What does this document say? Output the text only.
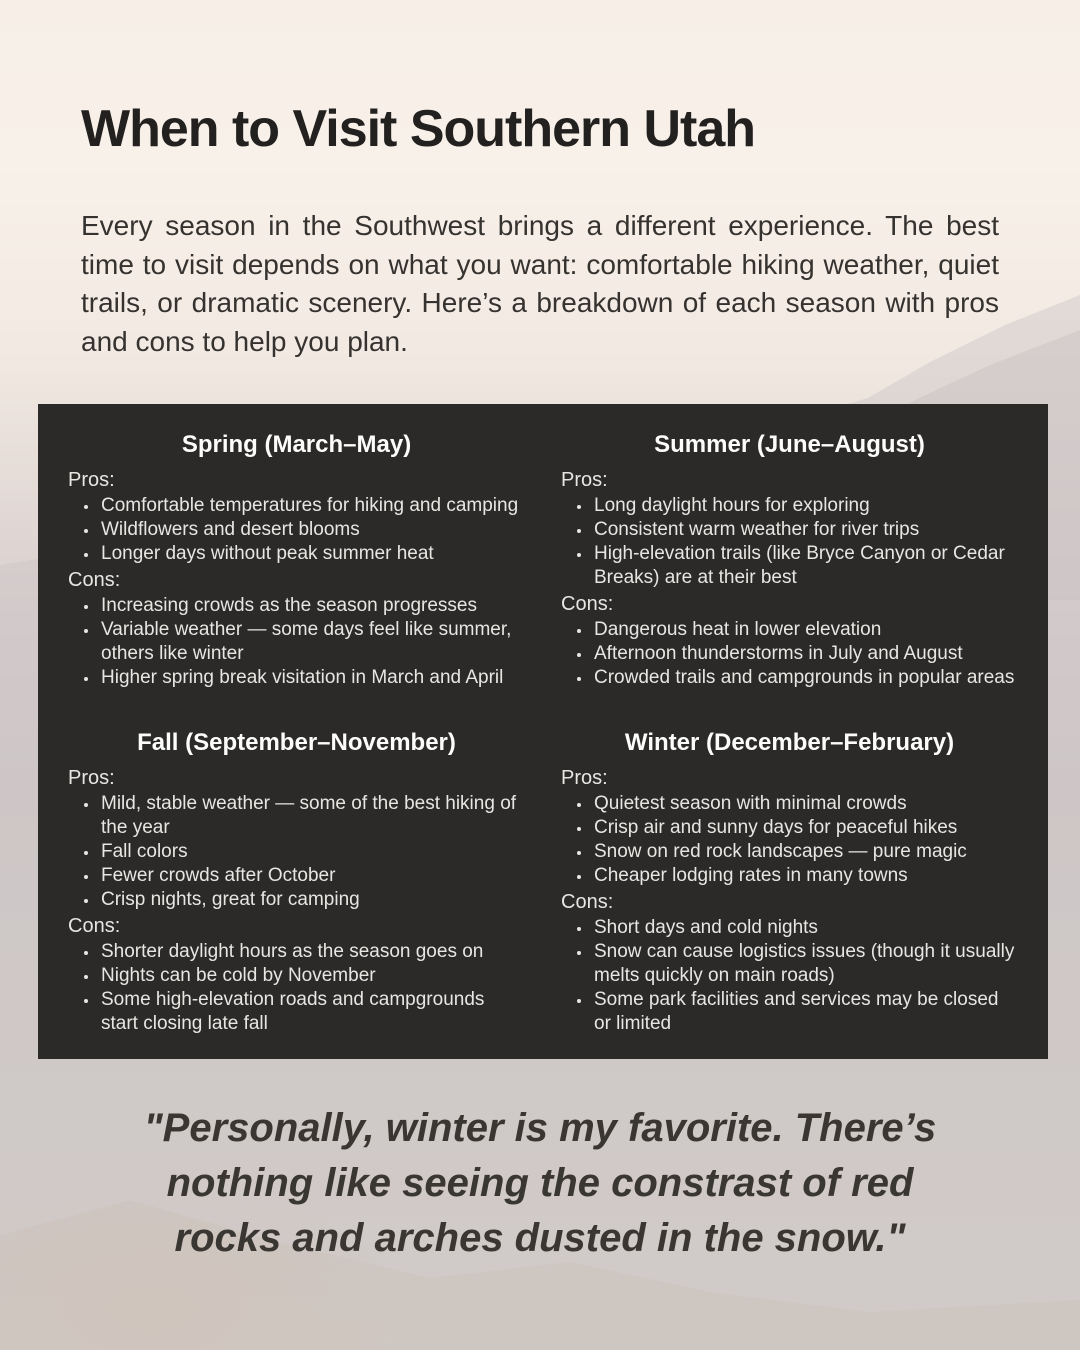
When to Visit Southern Utah

Every season in the Southwest brings a different experience. The best time to visit depends on what you want: comfortable hiking weather, quiet trails, or dramatic scenery. Here’s a breakdown of each season with pros and cons to help you plan.

Spring (March–May)

Pros:

• Comfortable temperatures for hiking and camping
• Wildflowers and desert blooms
• Longer days without peak summer heat

Cons:

• Increasing crowds as the season progresses
• Variable weather — some days feel like summer, others like winter
• Higher spring break visitation in March and April
Summer (June–August)

Pros:

• Long daylight hours for exploring
• Consistent warm weather for river trips
• High-elevation trails (like Bryce Canyon or Cedar Breaks) are at their best

Cons:

• Dangerous heat in lower elevation
• Afternoon thunderstorms in July and August
• Crowded trails and campgrounds in popular areas
Fall (September–November)

Pros:

• Mild, stable weather — some of the best hiking of the year
• Fall colors
• Fewer crowds after October
• Crisp nights, great for camping

Cons:

• Shorter daylight hours as the season goes on
• Nights can be cold by November
• Some high-elevation roads and campgrounds start closing late fall
Winter (December–February)

Pros:

• Quietest season with minimal crowds
• Crisp air and sunny days for peaceful hikes
• Snow on red rock landscapes — pure magic
• Cheaper lodging rates in many towns

Cons:

• Short days and cold nights
• Snow can cause logistics issues (though it usually melts quickly on main roads)
• Some park facilities and services may be closed or limited

"Personally, winter is my favorite. There’s nothing like seeing the constrast of red rocks and arches dusted in the snow."
